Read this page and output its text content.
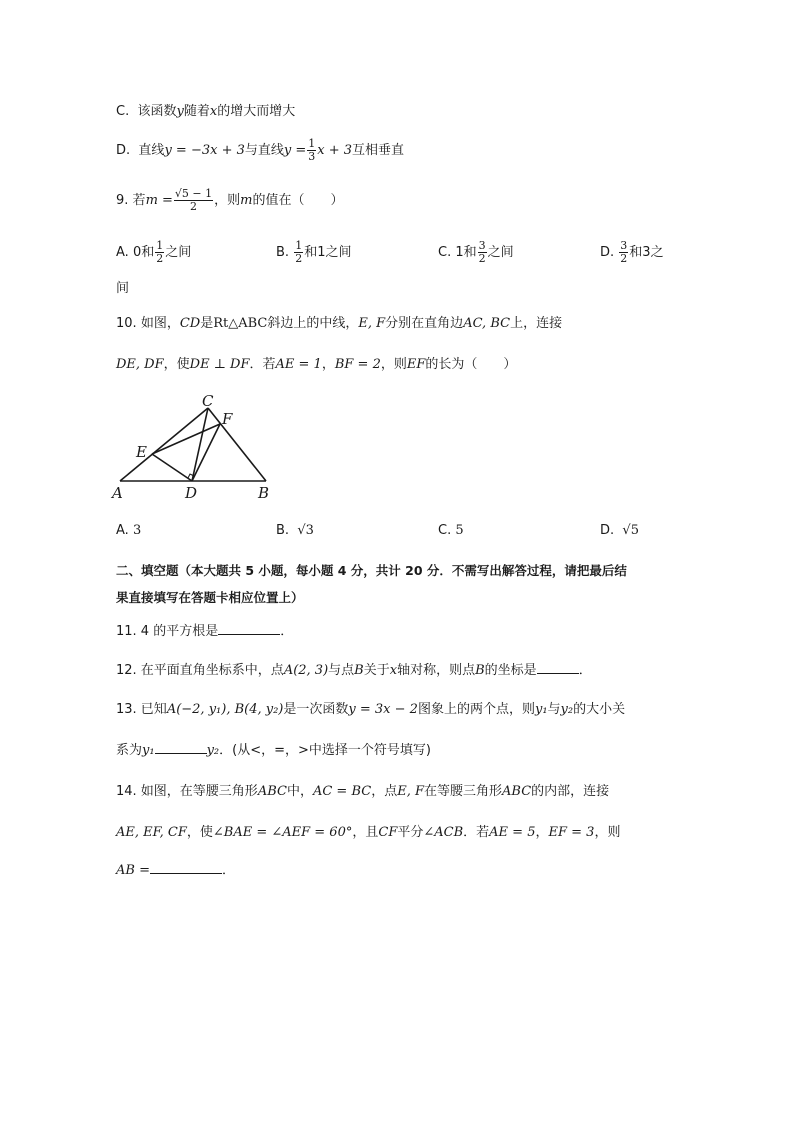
C. 该函数y随着x的增大而增大
D. 直线y = −3x + 3与直线$y = \frac{1}{3}$ x + 3互相垂直
9. 若$m = \frac{√5 - 1}{2}$ ，则m的值在（　　）
A. 0和 $\frac{1}{2}$ 之间	B. $\frac{1}{2}$ 和1之间	C. 1和 $\frac{3}{2}$ 之间	D. $\frac{3}{2}$ 和3之
间
10. 如图，CD是Rt△ABC斜边上的中线，E, F分别在直角边AC, BC上，连接
DE, DF，使DE ⊥ DF．若AE = 1，BF = 2，则EF的长为（　　）
A	B
C
D
E
F
A. 3	B. √3	C. 5	D. √5
二、填空题（本大题共 5 小题，每小题 4 分，共计 20 分．不需写出解答过程，请把最后结
果直接填写在答题卡相应位置上）
11. 4 的平方根是	．
12. 在平面直角坐标系中，点A(2, 3)与点B关于x轴对称，则点B的坐标是	．
13. 已知A(−2, y₁), B(4, y₂)是一次函数y = 3x − 2图象上的两个点，则y₁与y₂的大小关
系为y₁	y₂．(从<，=，>中选择一个符号填写)
14. 如图，在等腰三角形ABC中，AC = BC，点E, F在等腰三角形ABC的内部，连接
AE, EF, CF，使∠BAE = ∠AEF = 60°，且CF平分∠ACB．若AE = 5，EF = 3，则
AB =	．
